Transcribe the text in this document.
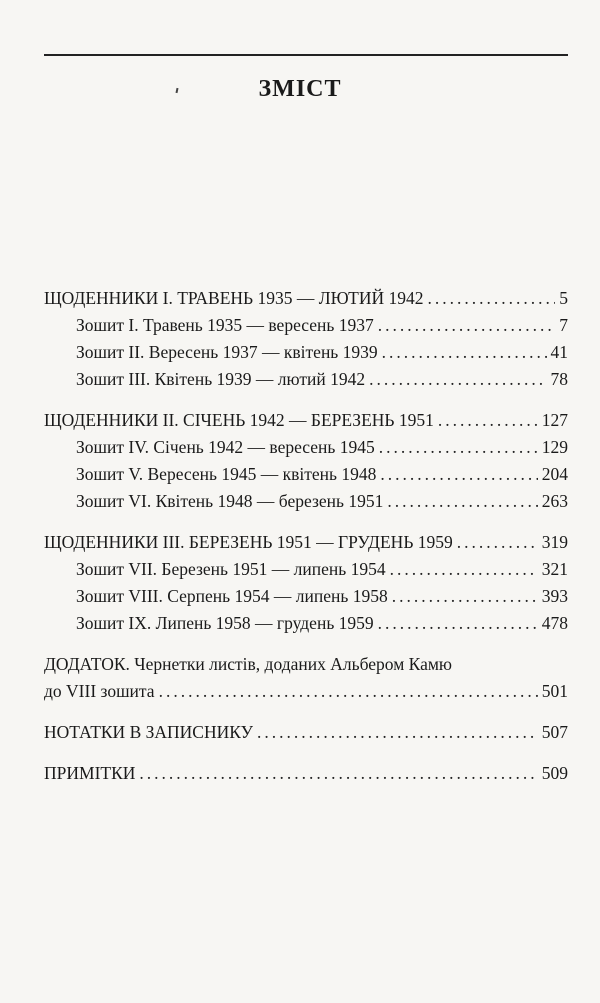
ЗМІСТ
ЩОДЕННИКИ І. ТРАВЕНЬ 1935 — ЛЮТИЙ 1942 .....	5
Зошит І. Травень 1935 — вересень 1937 .....	7
Зошит ІІ. Вересень 1937 — квітень 1939 .....	41
Зошит ІІІ. Квітень 1939 — лютий 1942 .....	78
ЩОДЕННИКИ ІІ. СІЧЕНЬ 1942 — БЕРЕЗЕНЬ 1951 .....	127
Зошит IV. Січень 1942 — вересень 1945 .....	129
Зошит V. Вересень 1945 — квітень 1948 .....	204
Зошит VI. Квітень 1948 — березень 1951 .....	263
ЩОДЕННИКИ ІІІ. БЕРЕЗЕНЬ 1951 — ГРУДЕНЬ 1959 .....	319
Зошит VII. Березень 1951 — липень 1954 .....	321
Зошит VIII. Серпень 1954 — липень 1958 .....	393
Зошит ІХ. Липень 1958 — грудень 1959 .....	478
ДОДАТОК. Чернетки листів, доданих Альбером Камю
до VIII зошита .....	501
НОТАТКИ В ЗАПИСНИКУ .....	507
ПРИМІТКИ .....	509
